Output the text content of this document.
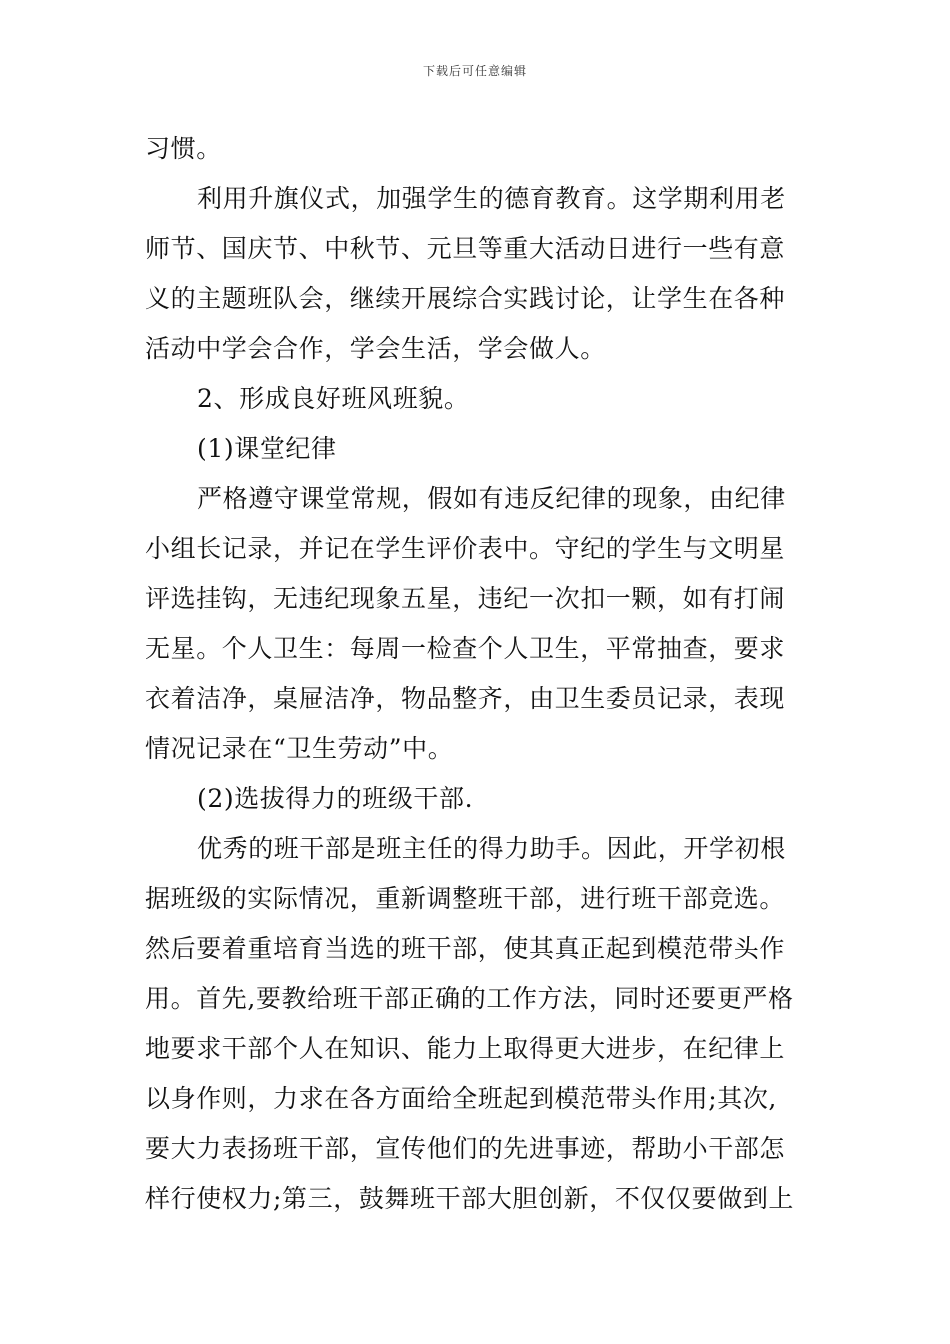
下载后可任意编辑
习惯。
利用升旗仪式，加强学生的德育教育。这学期利用老
师节、国庆节、中秋节、元旦等重大活动日进行一些有意
义的主题班队会，继续开展综合实践讨论，让学生在各种
活动中学会合作，学会生活，学会做人。
2、形成良好班风班貌。
(1)课堂纪律
严格遵守课堂常规，假如有违反纪律的现象，由纪律
小组长记录，并记在学生评价表中。守纪的学生与文明星
评选挂钩，无违纪现象五星，违纪一次扣一颗，如有打闹
无星。个人卫生：每周一检查个人卫生，平常抽查，要求
衣着洁净，桌屉洁净，物品整齐，由卫生委员记录，表现
情况记录在“卫生劳动”中。
(2)选拔得力的班级干部.
优秀的班干部是班主任的得力助手。因此，开学初根
据班级的实际情况，重新调整班干部，进行班干部竞选。
然后要着重培育当选的班干部，使其真正起到模范带头作
用。首先,要教给班干部正确的工作方法，同时还要更严格
地要求干部个人在知识、能力上取得更大进步，在纪律上
以身作则，力求在各方面给全班起到模范带头作用;其次,
要大力表扬班干部，宣传他们的先进事迹，帮助小干部怎
样行使权力;第三，鼓舞班干部大胆创新，不仅仅要做到上
